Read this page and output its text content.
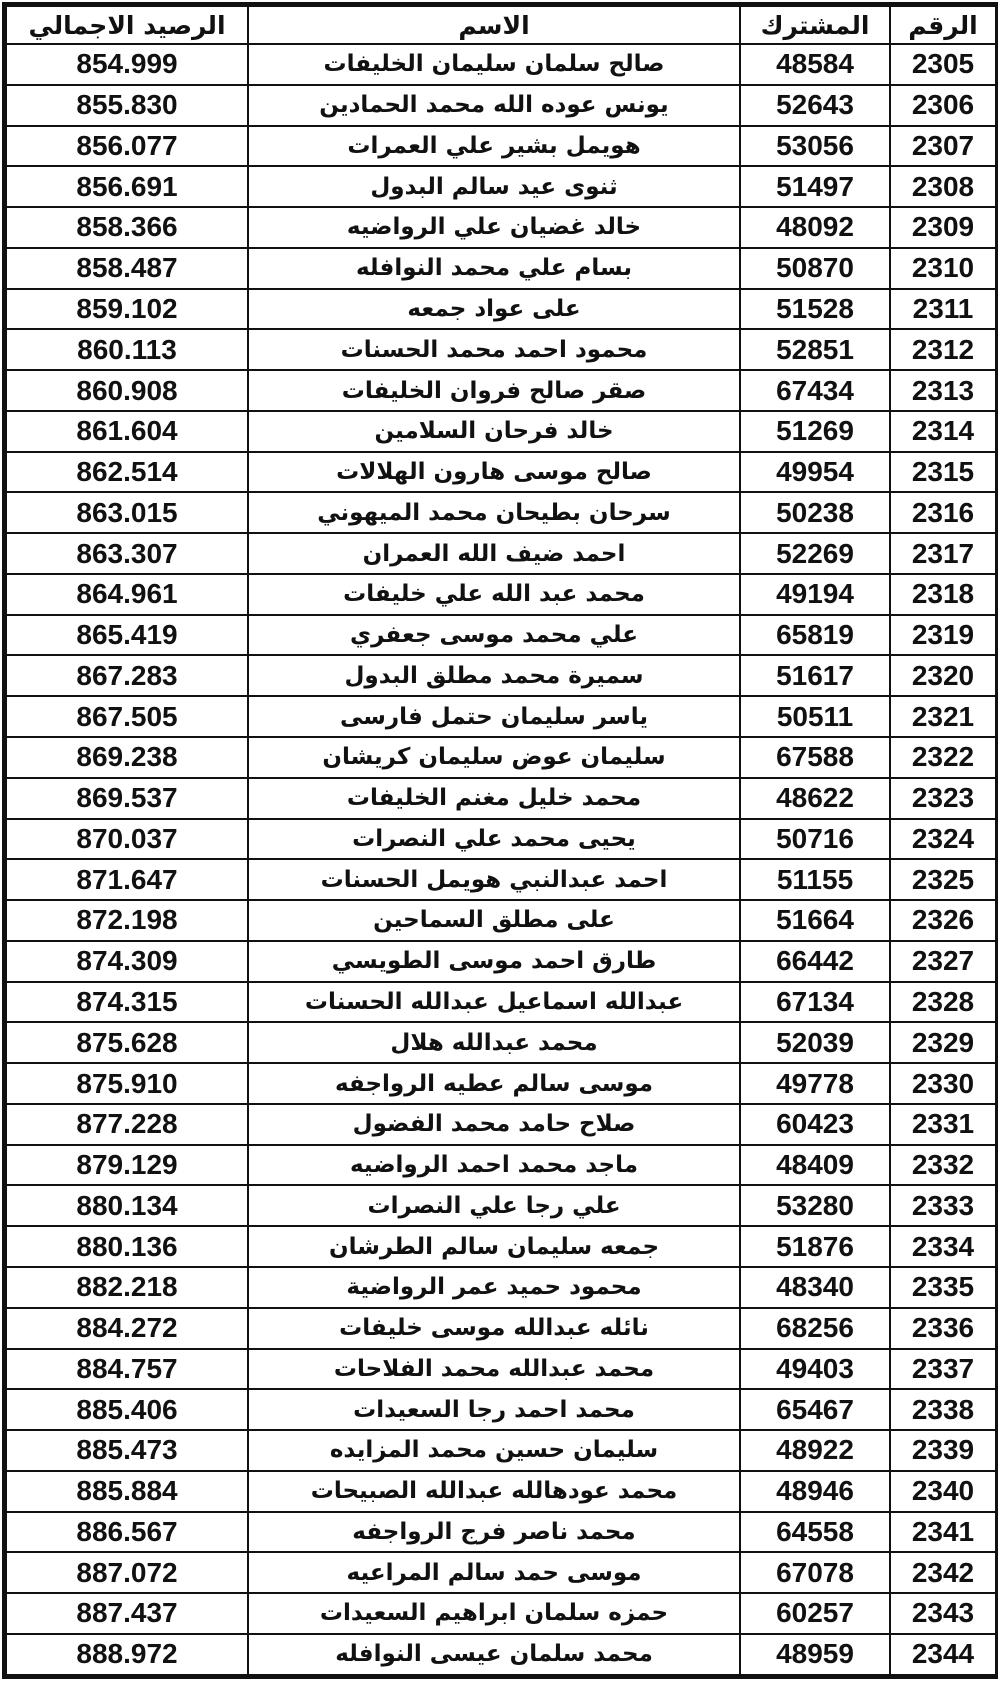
الرقم	المشترك	الاسم	الرصيد الاجمالي
2305	48584	صالح سلمان سليمان الخليفات	854.999
2306	52643	يونس عوده الله محمد الحمادين	855.830
2307	53056	هويمل بشير علي العمرات	856.077
2308	51497	ثنوى عيد سالم البدول	856.691
2309	48092	خالد غضيان علي الرواضيه	858.366
2310	50870	بسام علي محمد النوافله	858.487
2311	51528	على عواد جمعه	859.102
2312	52851	محمود احمد محمد الحسنات	860.113
2313	67434	صقر صالح فروان الخليفات	860.908
2314	51269	خالد فرحان السلامين	861.604
2315	49954	صالح موسى هارون الهلالات	862.514
2316	50238	سرحان بطيحان محمد الميهوني	863.015
2317	52269	احمد ضيف الله العمران	863.307
2318	49194	محمد عبد الله علي خليفات	864.961
2319	65819	علي محمد موسى جعفري	865.419
2320	51617	سميرة محمد مطلق البدول	867.283
2321	50511	ياسر سليمان حتمل فارسى	867.505
2322	67588	سليمان عوض سليمان كريشان	869.238
2323	48622	محمد خليل مغنم الخليفات	869.537
2324	50716	يحيى محمد علي النصرات	870.037
2325	51155	احمد عبدالنبي هويمل الحسنات	871.647
2326	51664	على مطلق السماحين	872.198
2327	66442	طارق احمد موسى الطويسي	874.309
2328	67134	عبدالله اسماعيل عبدالله الحسنات	874.315
2329	52039	محمد عبدالله هلال	875.628
2330	49778	موسى سالم عطيه الرواجفه	875.910
2331	60423	صلاح حامد محمد الفضول	877.228
2332	48409	ماجد محمد احمد الرواضيه	879.129
2333	53280	علي رجا علي النصرات	880.134
2334	51876	جمعه سليمان سالم الطرشان	880.136
2335	48340	محمود حميد عمر الرواضية	882.218
2336	68256	نائله عبدالله موسى خليفات	884.272
2337	49403	محمد عبدالله محمد الفلاحات	884.757
2338	65467	محمد احمد رجا السعيدات	885.406
2339	48922	سليمان حسين محمد المزايده	885.473
2340	48946	محمد عودهالله عبدالله الصبيحات	885.884
2341	64558	محمد ناصر فرج الرواجفه	886.567
2342	67078	موسى حمد سالم المراعيه	887.072
2343	60257	حمزه سلمان ابراهيم السعيدات	887.437
2344	48959	محمد سلمان عيسى النوافله	888.972
